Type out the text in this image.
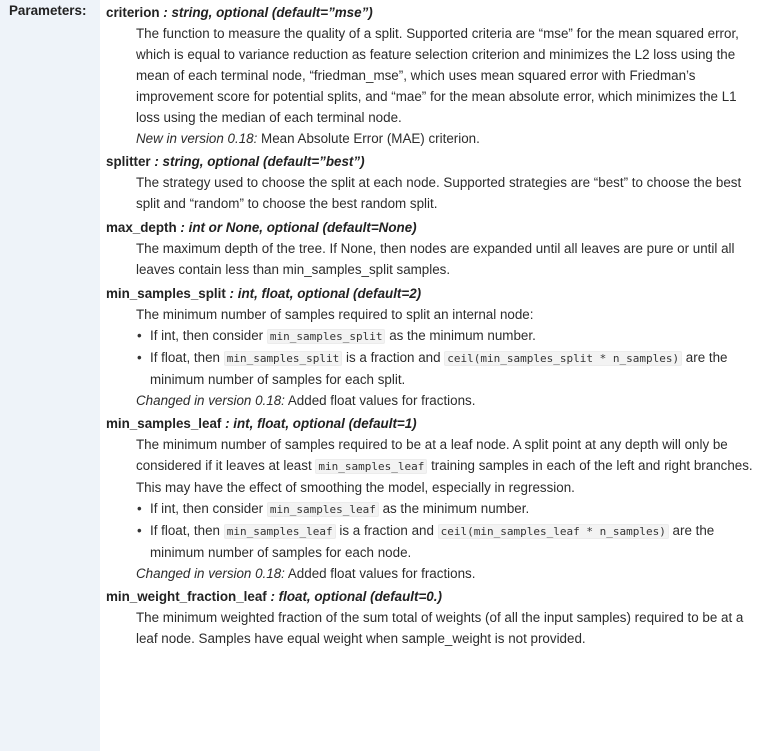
Parameters: criterion : string, optional (default=”mse”)

The function to measure the quality of a split. Supported criteria are “mse” for the mean squared error, which is equal to variance reduction as feature selection criterion and minimizes the L2 loss using the mean of each terminal node, “friedman_mse”, which uses mean squared error with Friedman’s improvement score for potential splits, and “mae” for the mean absolute error, which minimizes the L1 loss using the median of each terminal node.

New in version 0.18: Mean Absolute Error (MAE) criterion.

splitter : string, optional (default=”best”)

The strategy used to choose the split at each node. Supported strategies are “best” to choose the best split and “random” to choose the best random split.

max_depth : int or None, optional (default=None)

The maximum depth of the tree. If None, then nodes are expanded until all leaves are pure or until all leaves contain less than min_samples_split samples.

min_samples_split : int, float, optional (default=2)

The minimum number of samples required to split an internal node:

• If int, then consider min_samples_split as the minimum number.
• If float, then min_samples_split is a fraction and ceil(min_samples_split * n_samples) are the minimum number of samples for each split.

Changed in version 0.18: Added float values for fractions.

min_samples_leaf : int, float, optional (default=1)

The minimum number of samples required to be at a leaf node. A split point at any depth will only be considered if it leaves at least min_samples_leaf training samples in each of the left and right branches. This may have the effect of smoothing the model, especially in regression.

• If int, then consider min_samples_leaf as the minimum number.
• If float, then min_samples_leaf is a fraction and ceil(min_samples_leaf * n_samples) are the minimum number of samples for each node.

Changed in version 0.18: Added float values for fractions.

min_weight_fraction_leaf : float, optional (default=0.)

The minimum weighted fraction of the sum total of weights (of all the input samples) required to be at a leaf node. Samples have equal weight when sample_weight is not provided.
